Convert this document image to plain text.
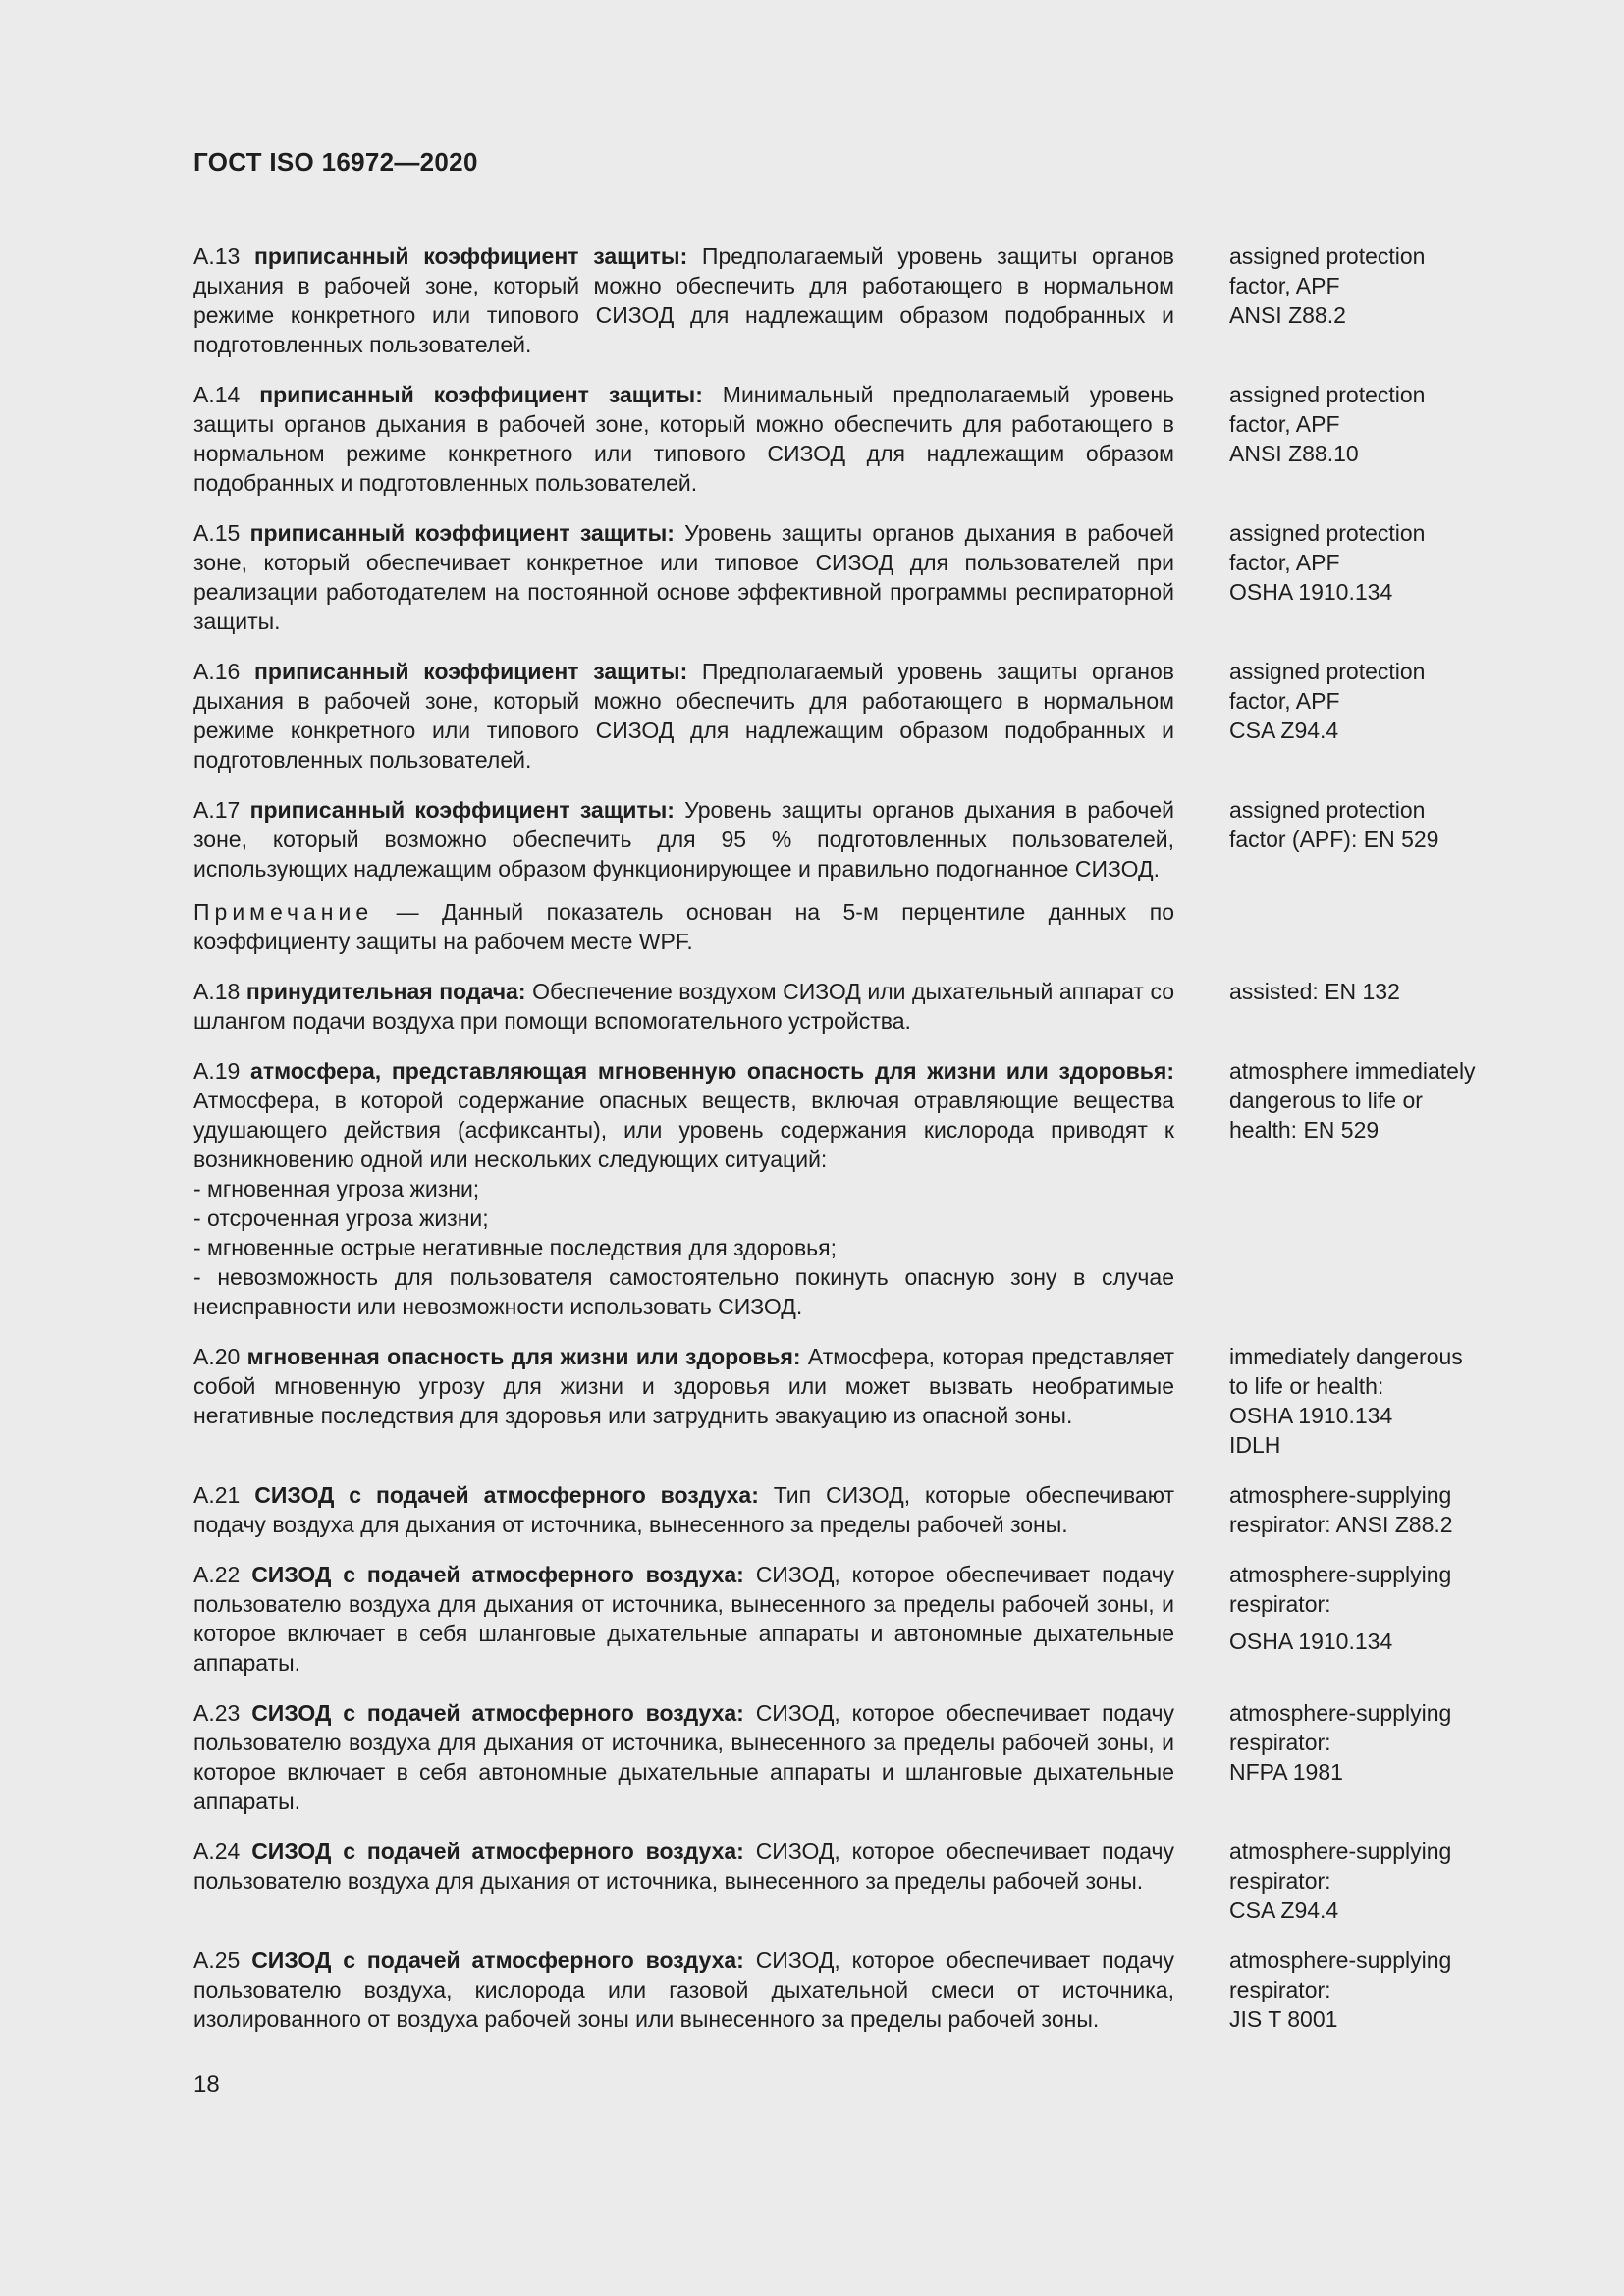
ГОСТ ISO 16972—2020

А.13 приписанный коэффициент защиты: Предполагаемый уровень защиты органов дыхания в рабочей зоне, который можно обеспечить для работающего в нормальном режиме конкретного или типового СИЗОД для надлежащим образом подобранных и подготовленных пользователей.

assigned protection
factor, APF
ANSI Z88.2

А.14 приписанный коэффициент защиты: Минимальный предполагаемый уровень защиты органов дыхания в рабочей зоне, который можно обеспечить для работающего в нормальном режиме конкретного или типового СИЗОД для надлежащим образом подобранных и подготовленных пользователей.

assigned protection
factor, APF
ANSI Z88.10

А.15 приписанный коэффициент защиты: Уровень защиты органов дыхания в рабочей зоне, который обеспечивает конкретное или типовое СИЗОД для пользователей при реализации работодателем на постоянной основе эффективной программы респираторной защиты.

assigned protection
factor, APF
OSHA 1910.134

А.16 приписанный коэффициент защиты: Предполагаемый уровень защиты органов дыхания в рабочей зоне, который можно обеспечить для работающего в нормальном режиме конкретного или типового СИЗОД для надлежащим образом подобранных и подготовленных пользователей.

assigned protection
factor, APF
CSA Z94.4

А.17 приписанный коэффициент защиты: Уровень защиты органов дыхания в рабочей зоне, который возможно обеспечить для 95 % подготовленных пользователей, использующих надлежащим образом функционирующее и правильно подогнанное СИЗОД.

assigned protection
factor (APF): EN 529

Примечание — Данный показатель основан на 5-м перцентиле данных по коэффициенту защиты на рабочем месте WPF.

А.18 принудительная подача: Обеспечение воздухом СИЗОД или дыхательный аппарат со шлангом подачи воздуха при помощи вспомогательного устройства.

assisted: EN 132
А.19 атмосфера, представляющая мгновенную опасность для жизни или здоровья: Атмосфера, в которой содержание опасных веществ, включая отравляющие вещества удушающего действия (асфиксанты), или уровень содержания кислорода приводят к возникновению одной или нескольких следующих ситуаций:
- мгновенная угроза жизни;
- отсроченная угроза жизни;
- мгновенные острые негативные последствия для здоровья;
- невозможность для пользователя самостоятельно покинуть опасную зону в случае неисправности или невозможности использовать СИЗОД.
atmosphere immediately
dangerous to life or
health: EN 529

А.20 мгновенная опасность для жизни или здоровья: Атмосфера, которая представляет собой мгновенную угрозу для жизни и здоровья или может вызвать необратимые негативные последствия для здоровья или затруднить эвакуацию из опасной зоны.

immediately dangerous
to life or health:
OSHA 1910.134
IDLH

А.21 СИЗОД с подачей атмосферного воздуха: Тип СИЗОД, которые обеспечивают подачу воздуха для дыхания от источника, вынесенного за пределы рабочей зоны.

atmosphere-supplying
respirator: ANSI Z88.2

А.22 СИЗОД с подачей атмосферного воздуха: СИЗОД, которое обеспечивает подачу пользователю воздуха для дыхания от источника, вынесенного за пределы рабочей зоны, и которое включает в себя шланговые дыхательные аппараты и автономные дыхательные аппараты.

atmosphere-supplying
respirator:
OSHA 1910.134

А.23 СИЗОД с подачей атмосферного воздуха: СИЗОД, которое обеспечивает подачу пользователю воздуха для дыхания от источника, вынесенного за пределы рабочей зоны, и которое включает в себя автономные дыхательные аппараты и шланговые дыхательные аппараты.

atmosphere-supplying
respirator:
NFPA 1981

А.24 СИЗОД с подачей атмосферного воздуха: СИЗОД, которое обеспечивает подачу пользователю воздуха для дыхания от источника, вынесенного за пределы рабочей зоны.

atmosphere-supplying
respirator:
CSA Z94.4

А.25 СИЗОД с подачей атмосферного воздуха: СИЗОД, которое обеспечивает подачу пользователю воздуха, кислорода или газовой дыхательной смеси от источника, изолированного от воздуха рабочей зоны или вынесенного за пределы рабочей зоны.

atmosphere-supplying
respirator:
JIS T 8001
18
